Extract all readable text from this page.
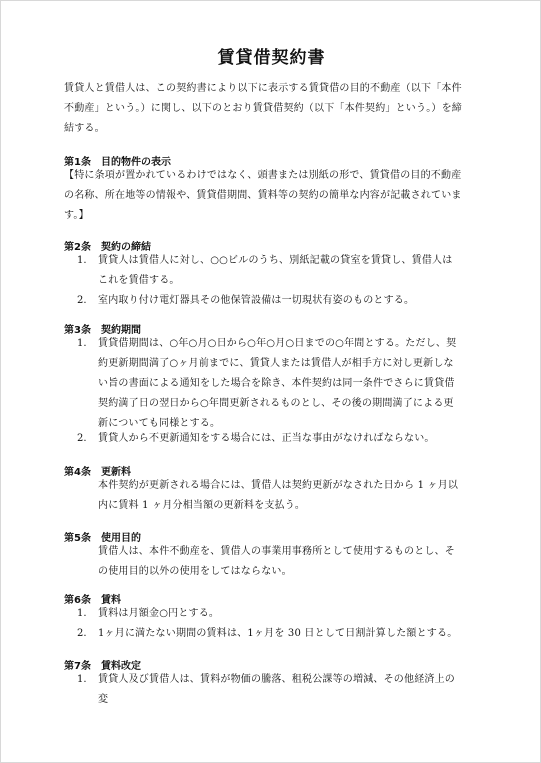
賃貸借契約書
賃貸人と賃借人は、この契約書により以下に表示する賃貸借の目的不動産（以下「本件不動産」という。）に関し、以下のとおり賃貸借契約（以下「本件契約」という。）を締結する。
第1条　目的物件の表示
【特に条項が置かれているわけではなく、頭書または別紙の形で、賃貸借の目的不動産の名称、所在地等の情報や、賃貸借期間、賃料等の契約の簡単な内容が記載されています。】
第2条　契約の締結
1. 賃貸人は賃借人に対し、○○ビルのうち、別紙記載の貸室を賃貸し、賃借人はこれを賃借する。
2. 室内取り付け電灯器具その他保管設備は一切現状有姿のものとする。
第3条　契約期間
1. 賃貸借期間は、○年○月○日から○年○月○日までの○年間とする。ただし、契約更新期間満了○ヶ月前までに、賃貸人または賃借人が相手方に対し更新しない旨の書面による通知をした場合を除き、本件契約は同一条件でさらに賃貸借契約満了日の翌日から○年間更新されるものとし、その後の期間満了による更新についても同様とする。
2. 賃貸人から不更新通知をする場合には、正当な事由がなければならない。
第4条　更新料
本件契約が更新される場合には、賃借人は契約更新がなされた日から 1 ヶ月以内に賃料 1 ヶ月分相当額の更新料を支払う。
第5条　使用目的
賃借人は、本件不動産を、賃借人の事業用事務所として使用するものとし、その使用目的以外の使用をしてはならない。
第6条　賃料
1. 賃料は月額金○円とする。
2. 1ヶ月に満たない期間の賃料は、1ヶ月を 30 日として日割計算した額とする。
第7条　賃料改定
1. 賃貸人及び賃借人は、賃料が物価の騰落、租税公課等の増減、その他経済上の変
